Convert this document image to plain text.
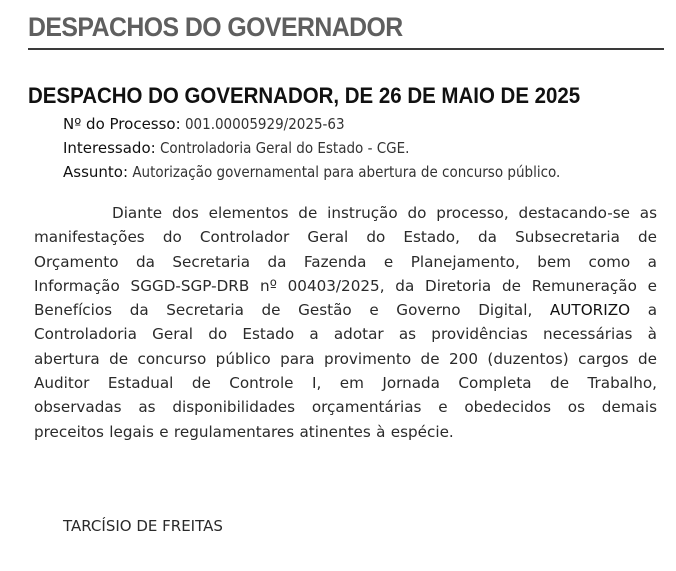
DESPACHOS DO GOVERNADOR
DESPACHO DO GOVERNADOR, DE 26 DE MAIO DE 2025
Nº do Processo: 001.00005929/2025-63
Interessado: Controladoria Geral do Estado - CGE.
Assunto: Autorização governamental para abertura de concurso público.
Diante dos elementos de instrução do processo, destacando-se as
manifestações do Controlador Geral do Estado, da Subsecretaria de
Orçamento da Secretaria da Fazenda e Planejamento, bem como a
Informação SGGD-SGP-DRB nº 00403/2025, da Diretoria de Remuneração e
Benefícios da Secretaria de Gestão e Governo Digital, AUTORIZO a
Controladoria Geral do Estado a adotar as providências necessárias à
abertura de concurso público para provimento de 200 (duzentos) cargos de
Auditor Estadual de Controle I, em Jornada Completa de Trabalho,
observadas as disponibilidades orçamentárias e obedecidos os demais
preceitos legais e regulamentares atinentes à espécie.
TARCÍSIO DE FREITAS
